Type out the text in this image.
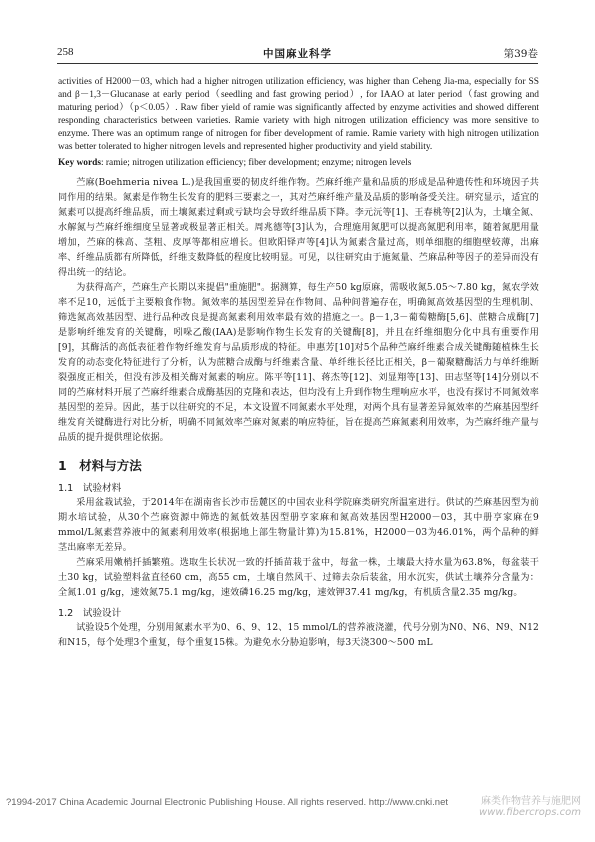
258	中国麻业科学	第39卷

activities of H2000－03, which had a higher nitrogen utilization efficiency, was higher than Ceheng Jia-ma, especially for SS and β－1,3－Glucanase at early period（seedling and fast growing period）, for IAAO at later period（fast growing and maturing period）（p＜0.05）. Raw fiber yield of ramie was significantly affected by enzyme activities and showed different responding characteristics between varieties. Ramie variety with high nitrogen utilization efficiency was more sensitive to enzyme. There was an optimum range of nitrogen for fiber development of ramie. Ramie variety with high nitrogen utilization was better tolerated to higher nitrogen levels and represented higher productivity and yield stability.

Key words: ramie; nitrogen utilization efficiency; fiber development; enzyme; nitrogen levels

苎麻(Boehmeria nivea L.)是我国重要的韧皮纤维作物。苎麻纤维产量和品质的形成是品种遗传性和环境因子共同作用的结果。氮素是作物生长发育的肥料三要素之一，其对苎麻纤维产量及品质的影响备受关注。研究显示，适宜的氮素可以提高纤维品质，而土壤氮素过剩或亏缺均会导致纤维品质下降。李元沅等[1]、王春桃等[2]认为，土壤全氮、水解氮与苎麻纤维细度呈显著或极显著正相关。周兆德等[3]认为，合理施用氮肥可以提高氮肥利用率，随着氮肥用量增加，苎麻的株高、茎粗、皮厚等都相应增长。但欧阳铎声等[4]认为氮素含量过高，则单细胞的细胞壁较薄，出麻率、纤维品质都有所降低，纤维支数降低的程度比较明显。可见，以往研究由于施氮量、苎麻品种等因子的差异而没有得出统一的结论。

为获得高产，苎麻生产长期以来提倡"重施肥"。据测算，每生产50 kg原麻，需吸收氮5.05～7.80 kg，氮农学效率不足10，远低于主要粮食作物。氮效率的基因型差异在作物间、品种间普遍存在，明确氮高效基因型的生理机制、筛选氮高效基因型、进行品种改良是提高氮素利用效率最有效的措施之一。β－1,3－葡萄糖酶[5,6]、蔗糖合成酶[7]是影响纤维发育的关键酶，吲哚乙酸(IAA)是影响作物生长发育的关键酶[8]，并且在纤维细胞分化中具有重要作用[9]，其酶活的高低表征着作物纤维发育与品质形成的特征。申惠芳[10]对5个品种苎麻纤维素合成关键酶随植株生长发育的动态变化特征进行了分析，认为蔗糖合成酶与纤维素含量、单纤维长径比正相关，β－葡聚糖酶活力与单纤维断裂强度正相关，但没有涉及相关酶对氮素的响应。陈平等[11]、蒋杰等[12]、刘显翔等[13]、田志坚等[14]分别以不同的苎麻材料开展了苎麻纤维素合成酶基因的克隆和表达，但均没有上升到作物生理响应水平，也没有探讨不同氮效率基因型的差异。因此，基于以往研究的不足，本文设置不同氮素水平处理，对两个具有显著差异氮效率的苎麻基因型纤维发育关键酶进行对比分析，明确不同氮效率苎麻对氮素的响应特征，旨在提高苎麻氮素利用效率，为苎麻纤维产量与品质的提升提供理论依据。

1　材料与方法
1.1　试验材料

采用盆栽试验，于2014年在湖南省长沙市岳麓区的中国农业科学院麻类研究所温室进行。供试的苎麻基因型为前期水培试验，从30个苎麻资源中筛选的氮低效基因型册亨家麻和氮高效基因型H2000－03，其中册亨家麻在9 mmol/L氮素营养液中的氮素利用效率(根据地上部生物量计算)为15.81%，H2000－03为46.01%，两个品种的鲜茎出麻率无差异。

苎麻采用嫩梢扦插繁殖。选取生长状况一致的扦插苗栽于盆中，每盆一株，土壤最大持水量为63.8%，每盆装干土30 kg，试验塑料盆直径60 cm，高55 cm，土壤自然风干、过筛去杂后装盆，用水沉实，供试土壤养分含量为：全氮1.01 g/kg，速效氮75.1 mg/kg，速效磷16.25 mg/kg，速效钾37.41 mg/kg，有机质含量2.35 mg/kg。

1.2　试验设计

试验设5个处理，分别用氮素水平为0、6、9、12、15 mmol/L的营养液浇灌，代号分别为N0、N6、N9、N12和N15，每个处理3个重复，每个重复15株。为避免水分胁迫影响，每3天浇300～500 mL

?1994-2017 China Academic Journal Electronic Publishing House. All rights reserved. http://www.cnki.net	麻类作物营养与施肥网
www.fibercrops.com
